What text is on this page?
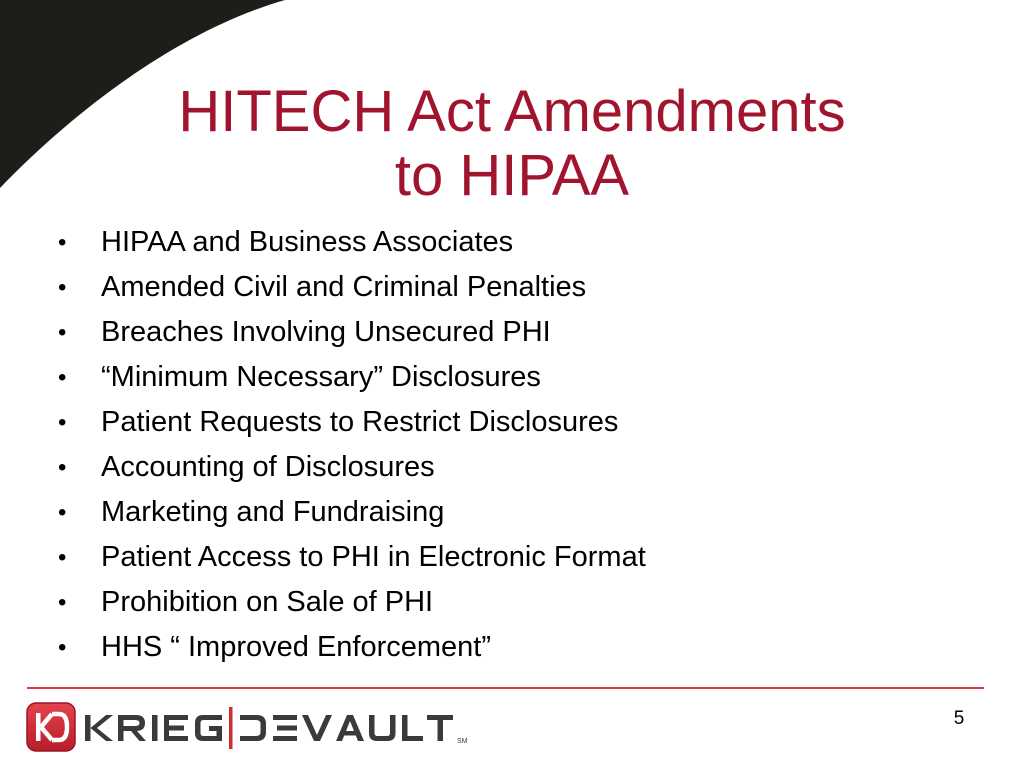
HITECH Act Amendments
to HIPAA
• HIPAA and Business Associates
• Amended Civil and Criminal Penalties
• Breaches Involving Unsecured PHI
• “Minimum Necessary” Disclosures
• Patient Requests to Restrict Disclosures
• Accounting of Disclosures
• Marketing and Fundraising
• Patient Access to PHI in Electronic Format
• Prohibition on Sale of PHI
• HHS “ Improved Enforcement”
SM
5
